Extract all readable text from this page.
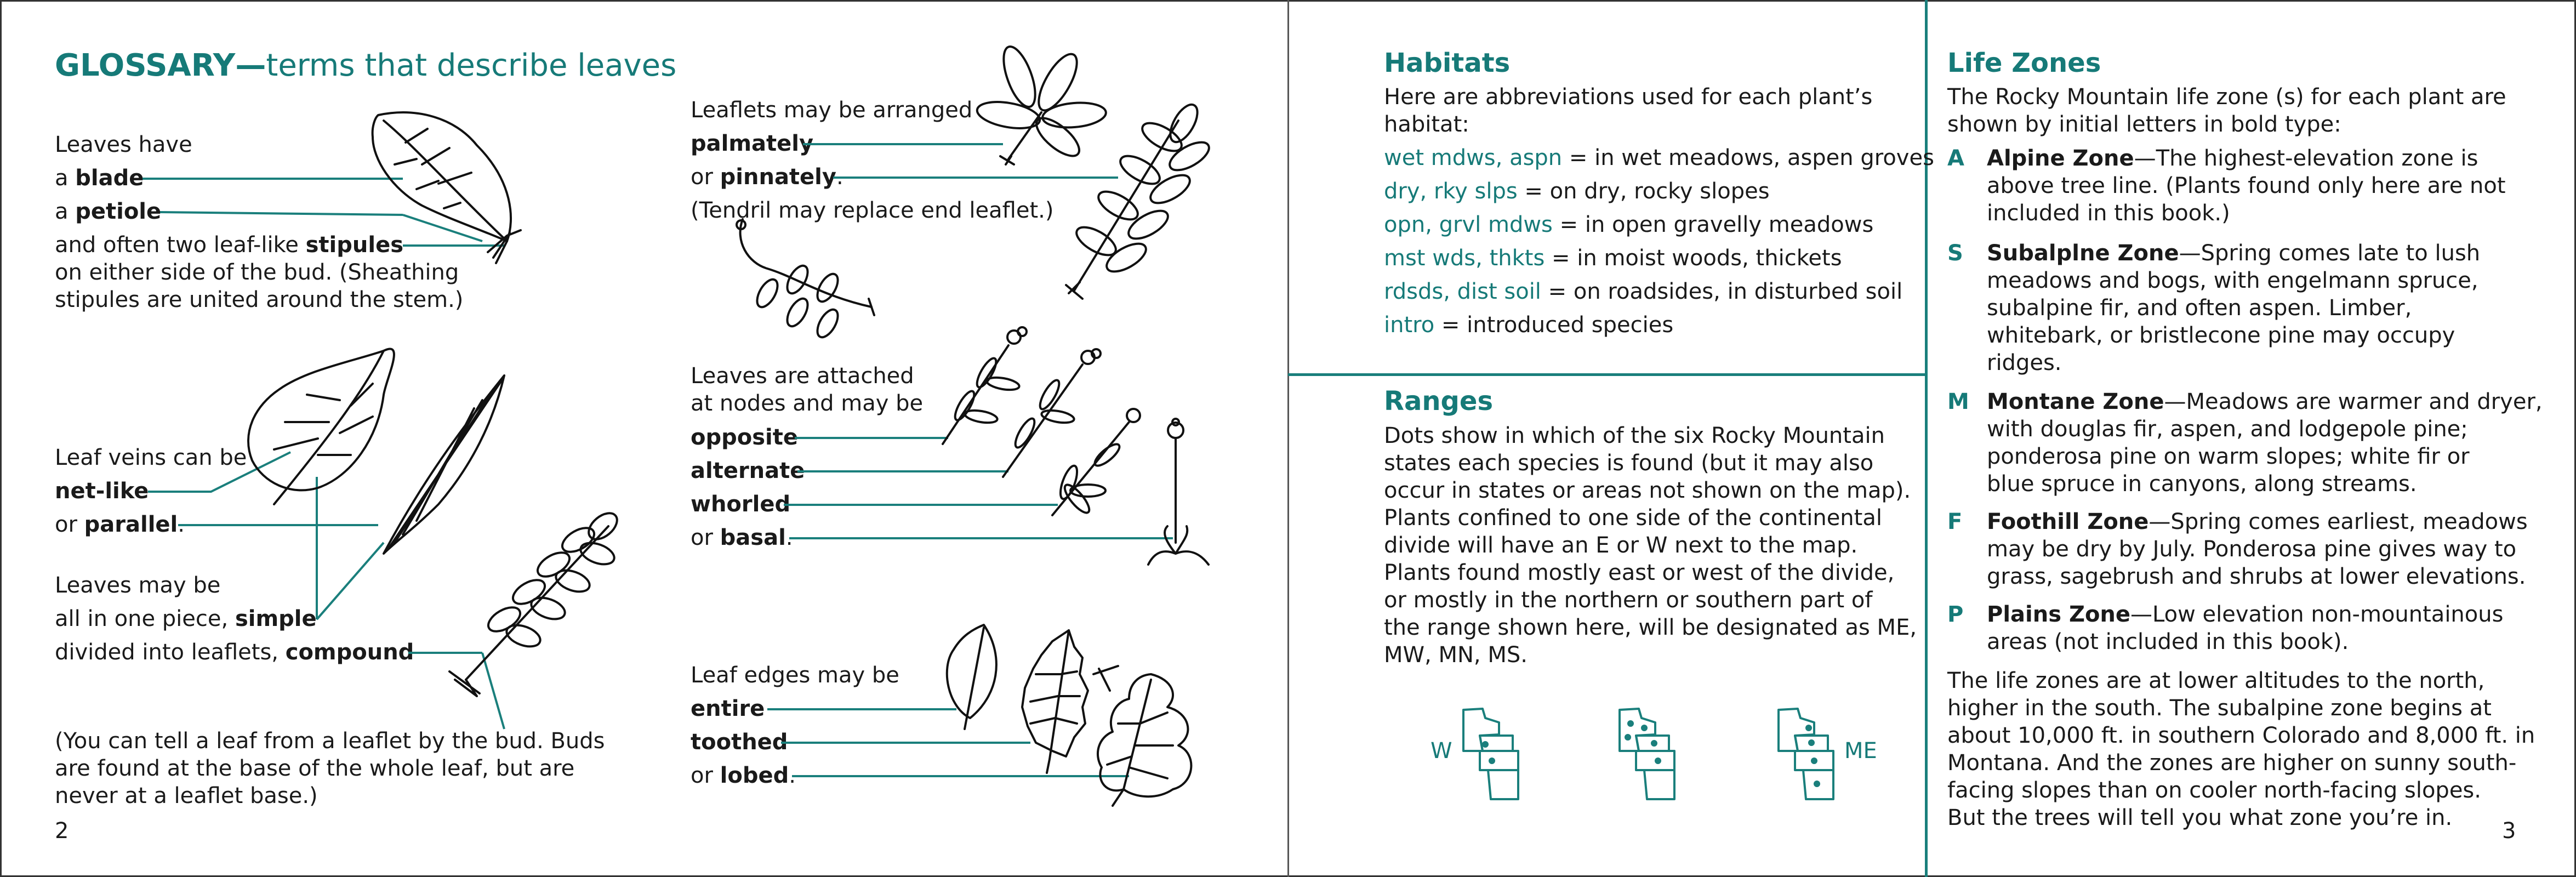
GLOSSARY—terms that describe leaves
Leaves have
a blade
a petiole
and often two leaf-like stipules
on either side of the bud. (Sheathing
stipules are united around the stem.)
Leaf veins can be
net-like
or parallel.
Leaves may be
all in one piece, simple
divided into leaflets, compound
(You can tell a leaf from a leaflet by the bud. Buds
are found at the base of the whole leaf, but are
never at a leaflet base.)
2
Leaflets may be arranged
palmately
or pinnately.
(Tendril may replace end leaflet.)
Leaves are attached
at nodes and may be
opposite
alternate
whorled
or basal.
Leaf edges may be
entire
toothed
or lobed.
Habitats
Here are abbreviations used for each plant’s
habitat:
wet mdws, aspn = in wet meadows, aspen groves
dry, rky slps = on dry, rocky slopes
opn, grvl mdws = in open gravelly meadows
mst wds, thkts = in moist woods, thickets
rdsds, dist soil = on roadsides, in disturbed soil
intro = introduced species
Ranges
Dots show in which of the six Rocky Mountain
states each species is found (but it may also
occur in states or areas not shown on the map).
Plants confined to one side of the continental
divide will have an E or W next to the map.
Plants found mostly east or west of the divide,
or mostly in the northern or southern part of
the range shown here, will be designated as ME,
MW, MN, MS.
W	ME
Life Zones
The Rocky Mountain life zone (s) for each plant are
shown by initial letters in bold type:
A Alpine Zone—The highest-elevation zone is
above tree line. (Plants found only here are not
included in this book.)
S Subalplne Zone—Spring comes late to lush
meadows and bogs, with engelmann spruce,
subalpine fir, and often aspen. Limber,
whitebark, or bristlecone pine may occupy
ridges.
M Montane Zone—Meadows are warmer and dryer,
with douglas fir, aspen, and lodgepole pine;
ponderosa pine on warm slopes; white fir or
blue spruce in canyons, along streams.
F Foothill Zone—Spring comes earliest, meadows
may be dry by July. Ponderosa pine gives way to
grass, sagebrush and shrubs at lower elevations.
P Plains Zone—Low elevation non-mountainous
areas (not included in this book).
The life zones are at lower altitudes to the north,
higher in the south. The subalpine zone begins at
about 10,000 ft. in southern Colorado and 8,000 ft. in
Montana. And the zones are higher on sunny south-
facing slopes than on cooler north-facing slopes.
But the trees will tell you what zone you’re in.
3
